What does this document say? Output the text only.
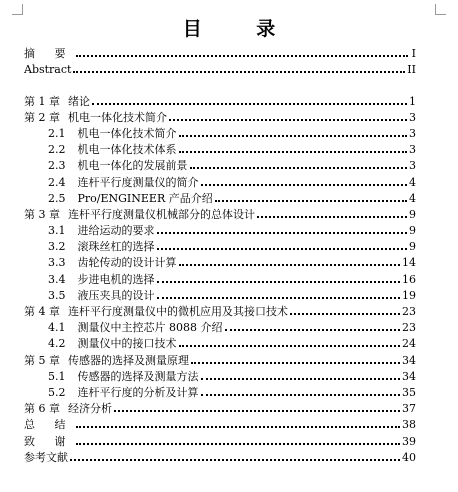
目 录
摘 要	I
Abstract	II
第 1 章 绪论	1
第 2 章 机电一体化技术简介	3
2.1 机电一体化技术简介	3
2.2 机电一体化技术体系	3
2.3 机电一体化的发展前景	3
2.4 连杆平行度测量仪的简介	4
2.5 Pro/ENGINEER 产品介绍	4
第 3 章 连杆平行度测量仪机械部分的总体设计	9
3.1 进给运动的要求	9
3.2 滚珠丝杠的选择	9
3.3 齿轮传动的设计计算	14
3.4 步进电机的选择	16
3.5 液压夹具的设计	19
第 4 章 连杆平行度测量仪中的微机应用及其接口技术	23
4.1 测量仪中主控芯片 8088 介绍	23
4.2 测量仪中的接口技术	24
第 5 章 传感器的选择及测量原理	34
5.1 传感器的选择及测量方法	34
5.2 连杆平行度的分析及计算	35
第 6 章 经济分析	37
总 结	38
致 谢	39
参考文献	40
